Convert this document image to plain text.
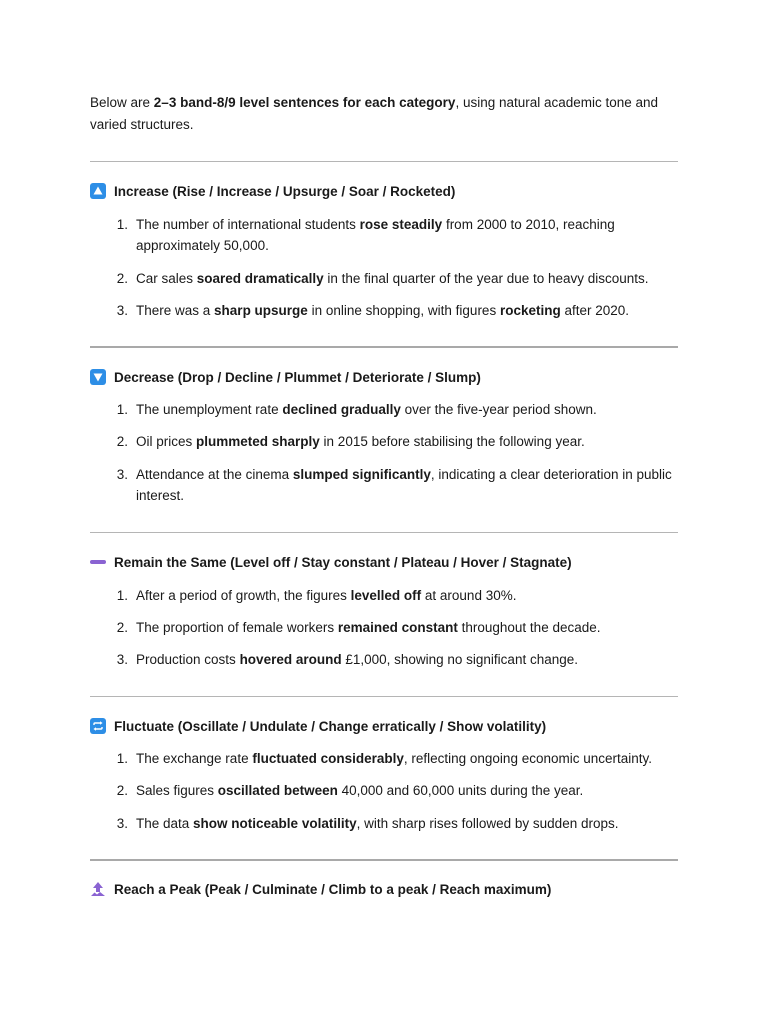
Below are 2–3 band-8/9 level sentences for each category, using natural academic tone and varied structures.
Increase (Rise / Increase / Upsurge / Soar / Rocketed)
1. The number of international students rose steadily from 2000 to 2010, reaching approximately 50,000.
2. Car sales soared dramatically in the final quarter of the year due to heavy discounts.
3. There was a sharp upsurge in online shopping, with figures rocketing after 2020.
Decrease (Drop / Decline / Plummet / Deteriorate / Slump)
1. The unemployment rate declined gradually over the five-year period shown.
2. Oil prices plummeted sharply in 2015 before stabilising the following year.
3. Attendance at the cinema slumped significantly, indicating a clear deterioration in public interest.
Remain the Same (Level off / Stay constant / Plateau / Hover / Stagnate)
1. After a period of growth, the figures levelled off at around 30%.
2. The proportion of female workers remained constant throughout the decade.
3. Production costs hovered around £1,000, showing no significant change.
Fluctuate (Oscillate / Undulate / Change erratically / Show volatility)
1. The exchange rate fluctuated considerably, reflecting ongoing economic uncertainty.
2. Sales figures oscillated between 40,000 and 60,000 units during the year.
3. The data show noticeable volatility, with sharp rises followed by sudden drops.
Reach a Peak (Peak / Culminate / Climb to a peak / Reach maximum)
